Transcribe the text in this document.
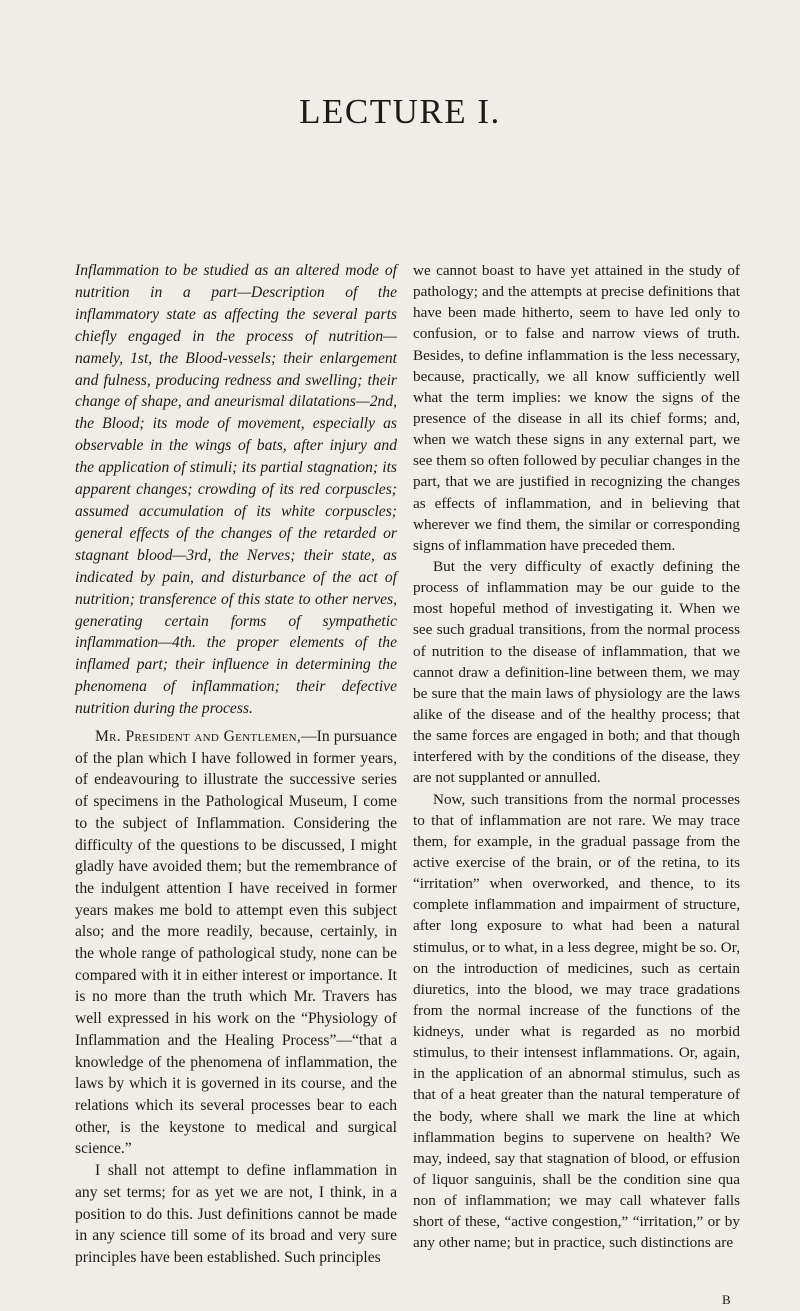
LECTURE I.

Inflammation to be studied as an altered mode of nutrition in a part—Description of the inflammatory state as affecting the several parts chiefly engaged in the process of nutrition—namely, 1st, the Blood-vessels; their enlargement and fulness, producing redness and swelling; their change of shape, and aneurismal dilatations—2nd, the Blood; its mode of movement, especially as observable in the wings of bats, after injury and the application of stimuli; its partial stagnation; its apparent changes; crowding of its red corpuscles; assumed accumulation of its white corpuscles; general effects of the changes of the retarded or stagnant blood—3rd, the Nerves; their state, as indicated by pain, and disturbance of the act of nutrition; transference of this state to other nerves, generating certain forms of sympathetic inflammation—4th. the proper elements of the inflamed part; their influence in determining the phenomena of inflammation; their defective nutrition during the process.

Mr. President and Gentlemen,—In pursuance of the plan which I have followed in former years, of endeavouring to illustrate the successive series of specimens in the Pathological Museum, I come to the subject of Inflammation. Considering the difficulty of the questions to be discussed, I might gladly have avoided them; but the remembrance of the indulgent attention I have received in former years makes me bold to attempt even this subject also; and the more readily, because, certainly, in the whole range of pathological study, none can be compared with it in either interest or importance. It is no more than the truth which Mr. Travers has well expressed in his work on the “Physiology of Inflammation and the Healing Process”—“that a knowledge of the phenomena of inflammation, the laws by which it is governed in its course, and the relations which its several processes bear to each other, is the keystone to medical and surgical science.”

I shall not attempt to define inflammation in any set terms; for as yet we are not, I think, in a position to do this. Just definitions cannot be made in any science till some of its broad and very sure principles have been established. Such principles

we cannot boast to have yet attained in the study of pathology; and the attempts at precise definitions that have been made hitherto, seem to have led only to confusion, or to false and narrow views of truth. Besides, to define inflammation is the less necessary, because, practically, we all know sufficiently well what the term implies: we know the signs of the presence of the disease in all its chief forms; and, when we watch these signs in any external part, we see them so often followed by peculiar changes in the part, that we are justified in recognizing the changes as effects of inflammation, and in believing that wherever we find them, the similar or corresponding signs of inflammation have preceded them.

But the very difficulty of exactly defining the process of inflammation may be our guide to the most hopeful method of investigating it. When we see such gradual transitions, from the normal process of nutrition to the disease of inflammation, that we cannot draw a definition-line between them, we may be sure that the main laws of physiology are the laws alike of the disease and of the healthy process; that the same forces are engaged in both; and that though interfered with by the conditions of the disease, they are not supplanted or annulled.

Now, such transitions from the normal processes to that of inflammation are not rare. We may trace them, for example, in the gradual passage from the active exercise of the brain, or of the retina, to its “irritation” when overworked, and thence, to its complete inflammation and impairment of structure, after long exposure to what had been a natural stimulus, or to what, in a less degree, might be so. Or, on the introduction of medicines, such as certain diuretics, into the blood, we may trace gradations from the normal increase of the functions of the kidneys, under what is regarded as no morbid stimulus, to their intensest inflammations. Or, again, in the application of an abnormal stimulus, such as that of a heat greater than the natural temperature of the body, where shall we mark the line at which inflammation begins to supervene on health? We may, indeed, say that stagnation of blood, or effusion of liquor sanguinis, shall be the condition sine qua non of inflammation; we may call whatever falls short of these, “active congestion,” “irritation,” or by any other name; but in practice, such distinctions are

B
